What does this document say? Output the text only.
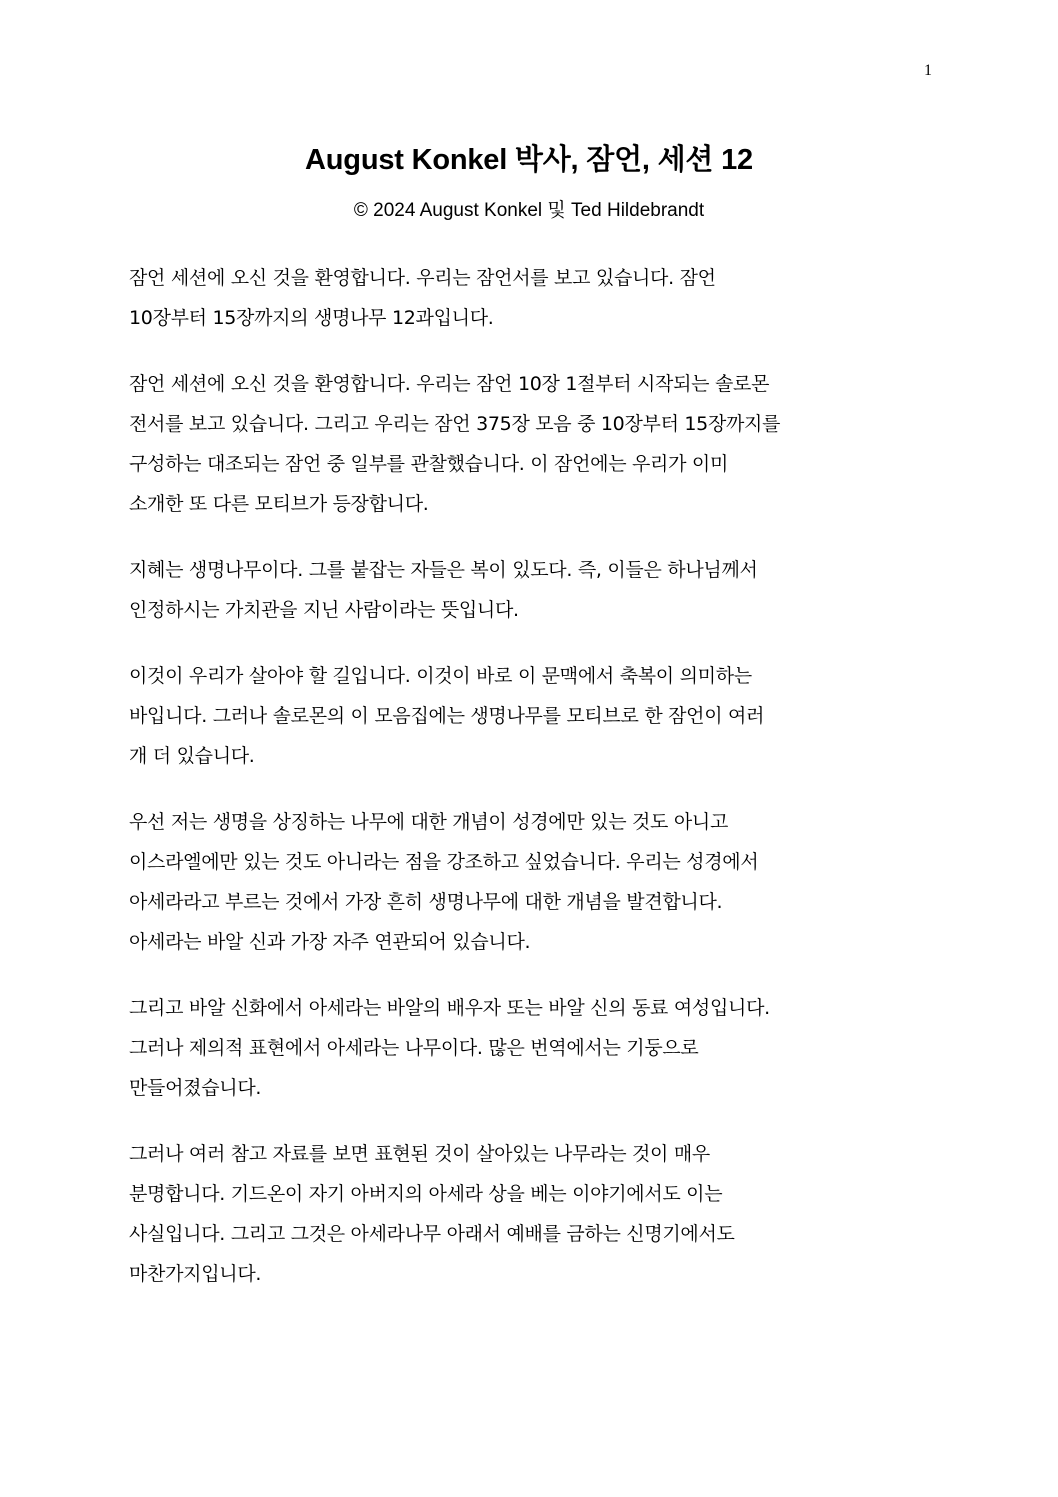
1
August Konkel 박사, 잠언, 세션 12
© 2024 August Konkel 및 Ted Hildebrandt

잠언 세션에 오신 것을 환영합니다. 우리는 잠언서를 보고 있습니다. 잠언
10장부터 15장까지의 생명나무 12과입니다.

잠언 세션에 오신 것을 환영합니다. 우리는 잠언 10장 1절부터 시작되는 솔로몬
전서를 보고 있습니다. 그리고 우리는 잠언 375장 모음 중 10장부터 15장까지를
구성하는 대조되는 잠언 중 일부를 관찰했습니다. 이 잠언에는 우리가 이미
소개한 또 다른 모티브가 등장합니다.

지혜는 생명나무이다. 그를 붙잡는 자들은 복이 있도다. 즉, 이들은 하나님께서
인정하시는 가치관을 지닌 사람이라는 뜻입니다.

이것이 우리가 살아야 할 길입니다. 이것이 바로 이 문맥에서 축복이 의미하는
바입니다. 그러나 솔로몬의 이 모음집에는 생명나무를 모티브로 한 잠언이 여러
개 더 있습니다.

우선 저는 생명을 상징하는 나무에 대한 개념이 성경에만 있는 것도 아니고
이스라엘에만 있는 것도 아니라는 점을 강조하고 싶었습니다. 우리는 성경에서
아세라라고 부르는 것에서 가장 흔히 생명나무에 대한 개념을 발견합니다.
아세라는 바알 신과 가장 자주 연관되어 있습니다.

그리고 바알 신화에서 아세라는 바알의 배우자 또는 바알 신의 동료 여성입니다.
그러나 제의적 표현에서 아세라는 나무이다. 많은 번역에서는 기둥으로
만들어졌습니다.

그러나 여러 참고 자료를 보면 표현된 것이 살아있는 나무라는 것이 매우
분명합니다. 기드온이 자기 아버지의 아세라 상을 베는 이야기에서도 이는
사실입니다. 그리고 그것은 아세라나무 아래서 예배를 금하는 신명기에서도
마찬가지입니다.
